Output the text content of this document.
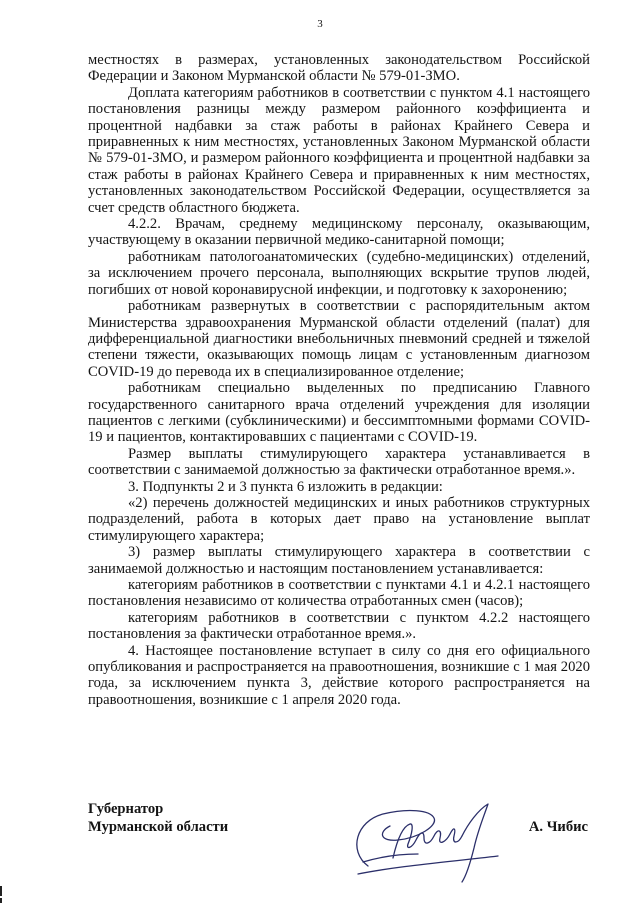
3

местностях в размерах, установленных законодательством Российской Федерации и Законом Мурманской области № 579-01-ЗМО.

Доплата категориям работников в соответствии с пунктом 4.1 настоящего постановления разницы между размером районного коэффициента и процентной надбавки за стаж работы в районах Крайнего Севера и приравненных к ним местностях, установленных Законом Мурманской области № 579-01-ЗМО, и размером районного коэффициента и процентной надбавки за стаж работы в районах Крайнего Севера и приравненных к ним местностях, установленных законодательством Российской Федерации, осуществляется за счет средств областного бюджета.

4.2.2. Врачам, среднему медицинскому персоналу, оказывающим, участвующему в оказании первичной медико-санитарной помощи;

работникам патологоанатомических (судебно-медицинских) отделений, за исключением прочего персонала, выполняющих вскрытие трупов людей, погибших от новой коронавирусной инфекции, и подготовку к захоронению;

работникам развернутых в соответствии с распорядительным актом Министерства здравоохранения Мурманской области отделений (палат) для дифференциальной диагностики внебольничных пневмоний средней и тяжелой степени тяжести, оказывающих помощь лицам с установленным диагнозом COVID-19 до перевода их в специализированное отделение;

работникам специально выделенных по предписанию Главного государственного санитарного врача отделений учреждения для изоляции пациентов с легкими (субклиническими) и бессимптомными формами COVID-19 и пациентов, контактировавших с пациентами с COVID-19.

Размер выплаты стимулирующего характера устанавливается в соответствии с занимаемой должностью за фактически отработанное время.».

3. Подпункты 2 и 3 пункта 6 изложить в редакции:

«2) перечень должностей медицинских и иных работников структурных подразделений, работа в которых дает право на установление выплат стимулирующего характера;

3) размер выплаты стимулирующего характера в соответствии с занимаемой должностью и настоящим постановлением устанавливается:

категориям работников в соответствии с пунктами 4.1 и 4.2.1 настоящего постановления независимо от количества отработанных смен (часов);

категориям работников в соответствии с пунктом 4.2.2 настоящего постановления за фактически отработанное время.».

4. Настоящее постановление вступает в силу со дня его официального опубликования и распространяется на правоотношения, возникшие с 1 мая 2020 года, за исключением пункта 3, действие которого распространяется на правоотношения, возникшие с 1 апреля 2020 года.

Губернатор
Мурманской области	А. Чибис
